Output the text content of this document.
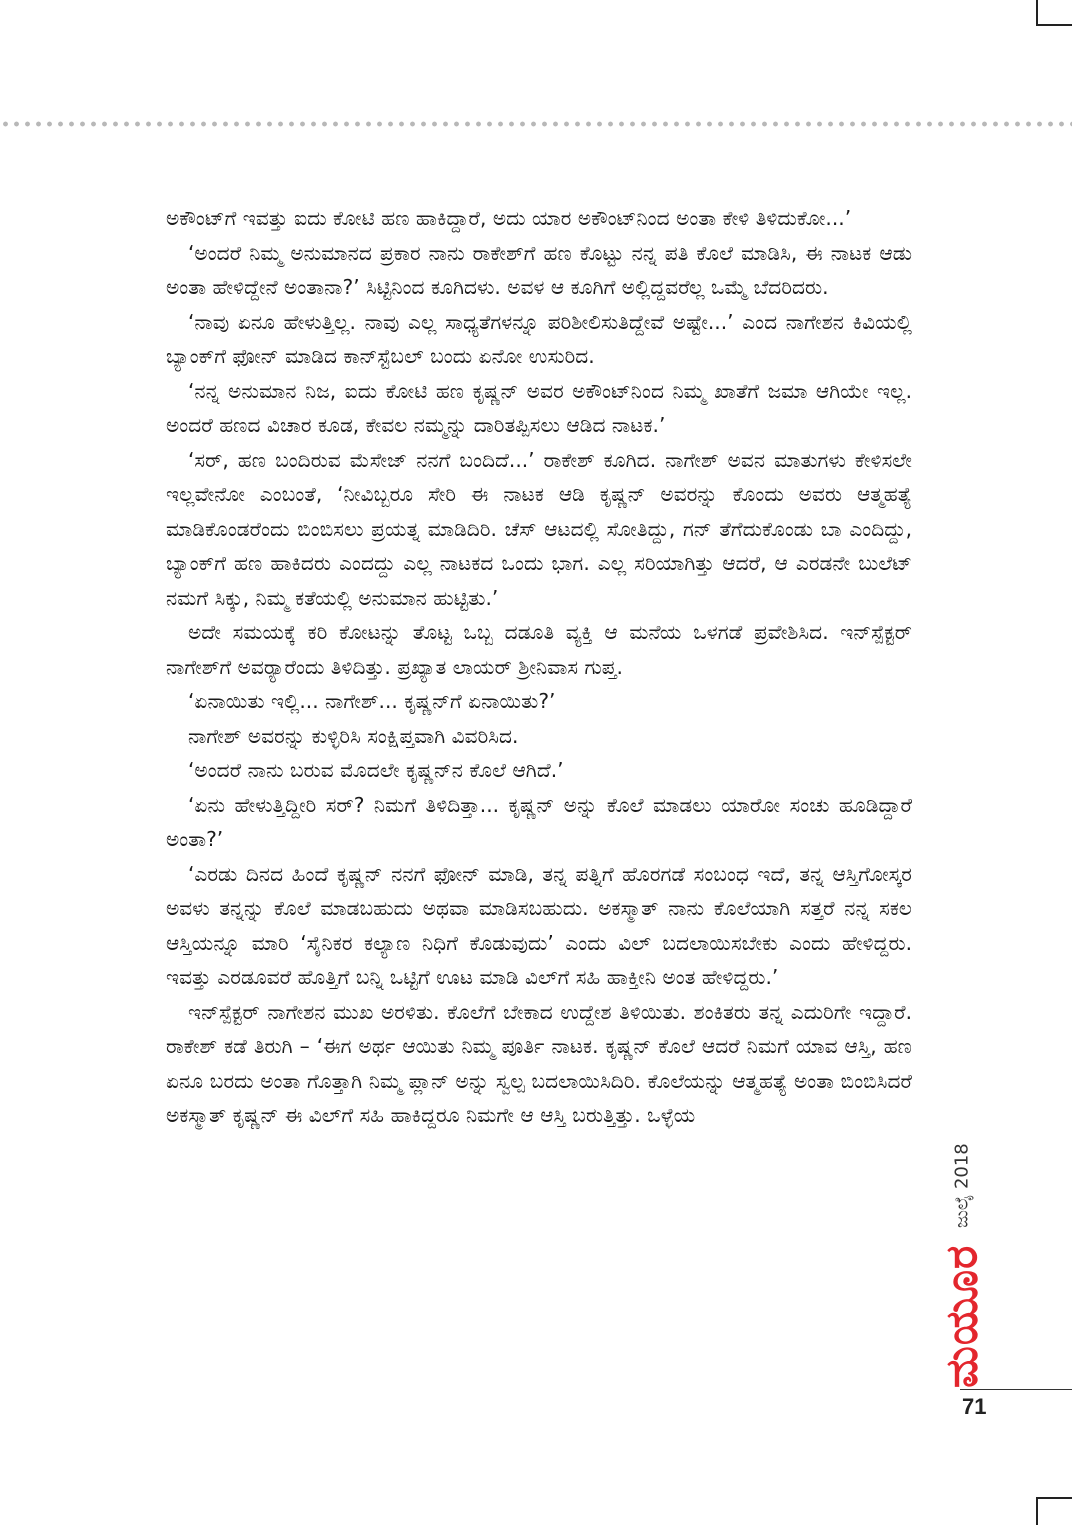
ಅಕೌಂಟ್‌ಗೆ ಇವತ್ತು ಐದು ಕೋಟಿ ಹಣ ಹಾಕಿದ್ದಾರೆ, ಅದು ಯಾರ ಅಕೌಂಟ್‌ನಿಂದ ಅಂತಾ ಕೇಳಿ ತಿಳಿದುಕೋ...’

‘ಅಂದರೆ ನಿಮ್ಮ ಅನುಮಾನದ ಪ್ರಕಾರ ನಾನು ರಾಕೇಶ್‌ಗೆ ಹಣ ಕೊಟ್ಟು ನನ್ನ ಪತಿ ಕೊಲೆ ಮಾಡಿಸಿ, ಈ ನಾಟಕ ಆಡು ಅಂತಾ ಹೇಳಿದ್ದೇನೆ ಅಂತಾನಾ?’ ಸಿಟ್ಟಿನಿಂದ ಕೂಗಿದಳು. ಅವಳ ಆ ಕೂಗಿಗೆ ಅಲ್ಲಿದ್ದವರೆಲ್ಲ ಒಮ್ಮೆ ಬೆದರಿದರು.

‘ನಾವು ಏನೂ ಹೇಳುತ್ತಿಲ್ಲ. ನಾವು ಎಲ್ಲ ಸಾಧ್ಯತೆಗಳನ್ನೂ ಪರಿಶೀಲಿಸುತಿದ್ದೇವೆ ಅಷ್ಟೇ...’ ಎಂದ ನಾಗೇಶನ ಕಿವಿಯಲ್ಲಿ ಬ್ಯಾಂಕ್‌ಗೆ ಫೋನ್ ಮಾಡಿದ ಕಾನ್‌ಸ್ಟೆಬಲ್ ಬಂದು ಏನೋ ಉಸುರಿದ.

‘ನನ್ನ ಅನುಮಾನ ನಿಜ, ಐದು ಕೋಟಿ ಹಣ ಕೃಷ್ಣನ್ ಅವರ ಅಕೌಂಟ್‌ನಿಂದ ನಿಮ್ಮ ಖಾತೆಗೆ ಜಮಾ ಆಗಿಯೇ ಇಲ್ಲ. ಅಂದರೆ ಹಣದ ವಿಚಾರ ಕೂಡ, ಕೇವಲ ನಮ್ಮನ್ನು ದಾರಿತಪ್ಪಿಸಲು ಆಡಿದ ನಾಟಕ.’

‘ಸರ್, ಹಣ ಬಂದಿರುವ ಮೆಸೇಜ್ ನನಗೆ ಬಂದಿದೆ...’ ರಾಕೇಶ್ ಕೂಗಿದ. ನಾಗೇಶ್ ಅವನ ಮಾತುಗಳು ಕೇಳಿಸಲೇ ಇಲ್ಲವೇನೋ ಎಂಬಂತೆ, ‘ನೀವಿಬ್ಬರೂ ಸೇರಿ ಈ ನಾಟಕ ಆಡಿ ಕೃಷ್ಣನ್ ಅವರನ್ನು ಕೊಂದು ಅವರು ಆತ್ಮಹತ್ಯೆ ಮಾಡಿಕೊಂಡರೆಂದು ಬಿಂಬಿಸಲು ಪ್ರಯತ್ನ ಮಾಡಿದಿರಿ. ಚೆಸ್ ಆಟದಲ್ಲಿ ಸೋತಿದ್ದು, ಗನ್ ತೆಗೆದುಕೊಂಡು ಬಾ ಎಂದಿದ್ದು, ಬ್ಯಾಂಕ್‌ಗೆ ಹಣ ಹಾಕಿದರು ಎಂದದ್ದು ಎಲ್ಲ ನಾಟಕದ ಒಂದು ಭಾಗ. ಎಲ್ಲ ಸರಿಯಾಗಿತ್ತು ಆದರೆ, ಆ ಎರಡನೇ ಬುಲೆಟ್ ನಮಗೆ ಸಿಕ್ಕು, ನಿಮ್ಮ ಕತೆಯಲ್ಲಿ ಅನುಮಾನ ಹುಟ್ಟಿತು.’

ಅದೇ ಸಮಯಕ್ಕೆ ಕರಿ ಕೋಟನ್ನು ತೊಟ್ಟ ಒಬ್ಬ ದಡೂತಿ ವ್ಯಕ್ತಿ ಆ ಮನೆಯ ಒಳಗಡೆ ಪ್ರವೇಶಿಸಿದ. ಇನ್‌ಸ್ಪೆಕ್ಟರ್ ನಾಗೇಶ್‌ಗೆ ಅವರ್‍ಯಾರೆಂದು ತಿಳಿದಿತ್ತು. ಪ್ರಖ್ಯಾತ ಲಾಯರ್ ಶ್ರೀನಿವಾಸ ಗುಪ್ತ.

‘ಏನಾಯಿತು ಇಲ್ಲಿ... ನಾಗೇಶ್... ಕೃಷ್ಣನ್‌ಗೆ ಏನಾಯಿತು?’

ನಾಗೇಶ್ ಅವರನ್ನು ಕುಳ್ಳಿರಿಸಿ ಸಂಕ್ಷಿಪ್ತವಾಗಿ ವಿವರಿಸಿದ.

‘ಅಂದರೆ ನಾನು ಬರುವ ಮೊದಲೇ ಕೃಷ್ಣನ್‌ನ ಕೊಲೆ ಆಗಿದೆ.’

‘ಏನು ಹೇಳುತ್ತಿದ್ದೀರಿ ಸರ್? ನಿಮಗೆ ತಿಳಿದಿತ್ತಾ... ಕೃಷ್ಣನ್ ಅನ್ನು ಕೊಲೆ ಮಾಡಲು ಯಾರೋ ಸಂಚು ಹೂಡಿದ್ದಾರೆ ಅಂತಾ?’

‘ಎರಡು ದಿನದ ಹಿಂದೆ ಕೃಷ್ಣನ್ ನನಗೆ ಫೋನ್ ಮಾಡಿ, ತನ್ನ ಪತ್ನಿಗೆ ಹೊರಗಡೆ ಸಂಬಂಧ ಇದೆ, ತನ್ನ ಆಸ್ತಿಗೋಸ್ಕರ ಅವಳು ತನ್ನನ್ನು ಕೊಲೆ ಮಾಡಬಹುದು ಅಥವಾ ಮಾಡಿಸಬಹುದು. ಅಕಸ್ಮಾತ್ ನಾನು ಕೊಲೆಯಾಗಿ ಸತ್ತರೆ ನನ್ನ ಸಕಲ ಆಸ್ತಿಯನ್ನೂ ಮಾರಿ ‘ಸೈನಿಕರ ಕಲ್ಯಾಣ ನಿಧಿಗೆ ಕೊಡುವುದು’ ಎಂದು ವಿಲ್ ಬದಲಾಯಿಸಬೇಕು ಎಂದು ಹೇಳಿದ್ದರು. ಇವತ್ತು ಎರಡೂವರೆ ಹೊತ್ತಿಗೆ ಬನ್ನಿ ಒಟ್ಟಿಗೆ ಊಟ ಮಾಡಿ ವಿಲ್‌ಗೆ ಸಹಿ ಹಾಕ್ತೀನಿ ಅಂತ ಹೇಳಿದ್ದರು.’

ಇನ್‌ಸ್ಪೆಕ್ಟರ್ ನಾಗೇಶನ ಮುಖ ಅರಳಿತು. ಕೊಲೆಗೆ ಬೇಕಾದ ಉದ್ದೇಶ ತಿಳಿಯಿತು. ಶಂಕಿತರು ತನ್ನ ಎದುರಿಗೇ ಇದ್ದಾರೆ. ರಾಕೇಶ್ ಕಡೆ ತಿರುಗಿ – ‘ಈಗ ಅರ್ಥ ಆಯಿತು ನಿಮ್ಮ ಪೂರ್ತಿ ನಾಟಕ. ಕೃಷ್ಣನ್ ಕೊಲೆ ಆದರೆ ನಿಮಗೆ ಯಾವ ಆಸ್ತಿ, ಹಣ ಏನೂ ಬರದು ಅಂತಾ ಗೊತ್ತಾಗಿ ನಿಮ್ಮ ಪ್ಲಾನ್ ಅನ್ನು ಸ್ವಲ್ಪ ಬದಲಾಯಿಸಿದಿರಿ. ಕೊಲೆಯನ್ನು ಆತ್ಮಹತ್ಯೆ ಅಂತಾ ಬಿಂಬಿಸಿದರೆ ಅಕಸ್ಮಾತ್ ಕೃಷ್ಣನ್ ಈ ವಿಲ್‌ಗೆ ಸಹಿ ಹಾಕಿದ್ದರೂ ನಿಮಗೇ ಆ ಆಸ್ತಿ ಬರುತ್ತಿತ್ತು. ಒಳ್ಳೆಯ

ಜುಲೈ 2018
ಮಯೂರ
71
